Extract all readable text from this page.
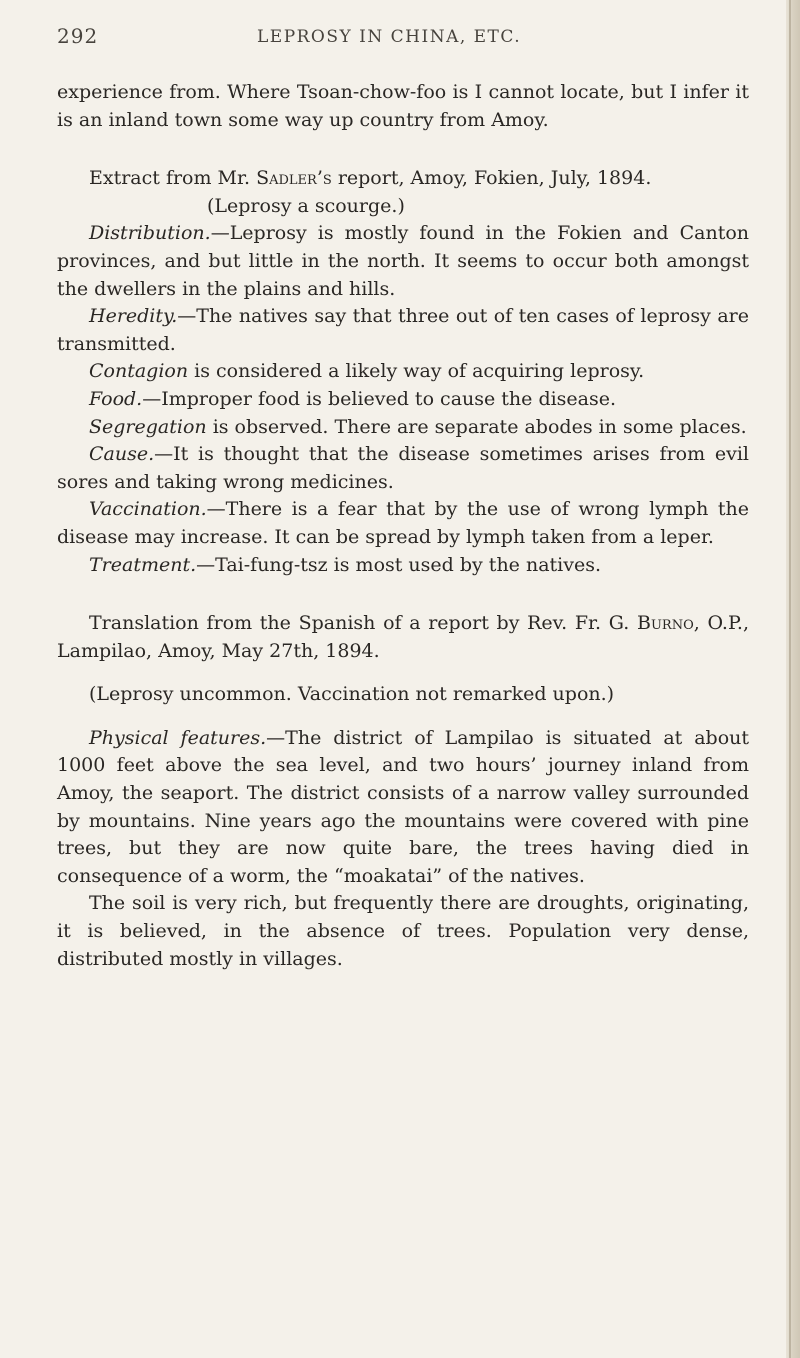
292	LEPROSY IN CHINA, ETC.

experience from. Where Tsoan-chow-foo is I cannot locate, but I infer it is an inland town some way up country from Amoy.

Extract from Mr. Sadler’s report, Amoy, Fokien, July, 1894.

(Leprosy a scourge.)

Distribution.—Leprosy is mostly found in the Fokien and Canton provinces, and but little in the north. It seems to occur both amongst the dwellers in the plains and hills.

Heredity.—The natives say that three out of ten cases of leprosy are transmitted.

Contagion is considered a likely way of acquiring leprosy.

Food.—Improper food is believed to cause the disease.

Segregation is observed. There are separate abodes in some places.

Cause.—It is thought that the disease sometimes arises from evil sores and taking wrong medicines.

Vaccination.—There is a fear that by the use of wrong lymph the disease may increase. It can be spread by lymph taken from a leper.

Treatment.—Tai-fung-tsz is most used by the natives.

Translation from the Spanish of a report by Rev. Fr. G. Burno, O.P., Lampilao, Amoy, May 27th, 1894.

(Leprosy uncommon. Vaccination not remarked upon.)

Physical features.—The district of Lampilao is situated at about 1000 feet above the sea level, and two hours’ journey inland from Amoy, the seaport. The district consists of a narrow valley surrounded by mountains. Nine years ago the mountains were covered with pine trees, but they are now quite bare, the trees having died in consequence of a worm, the “moakatai” of the natives.

The soil is very rich, but frequently there are droughts, originating, it is believed, in the absence of trees. Population very dense, distributed mostly in villages.
